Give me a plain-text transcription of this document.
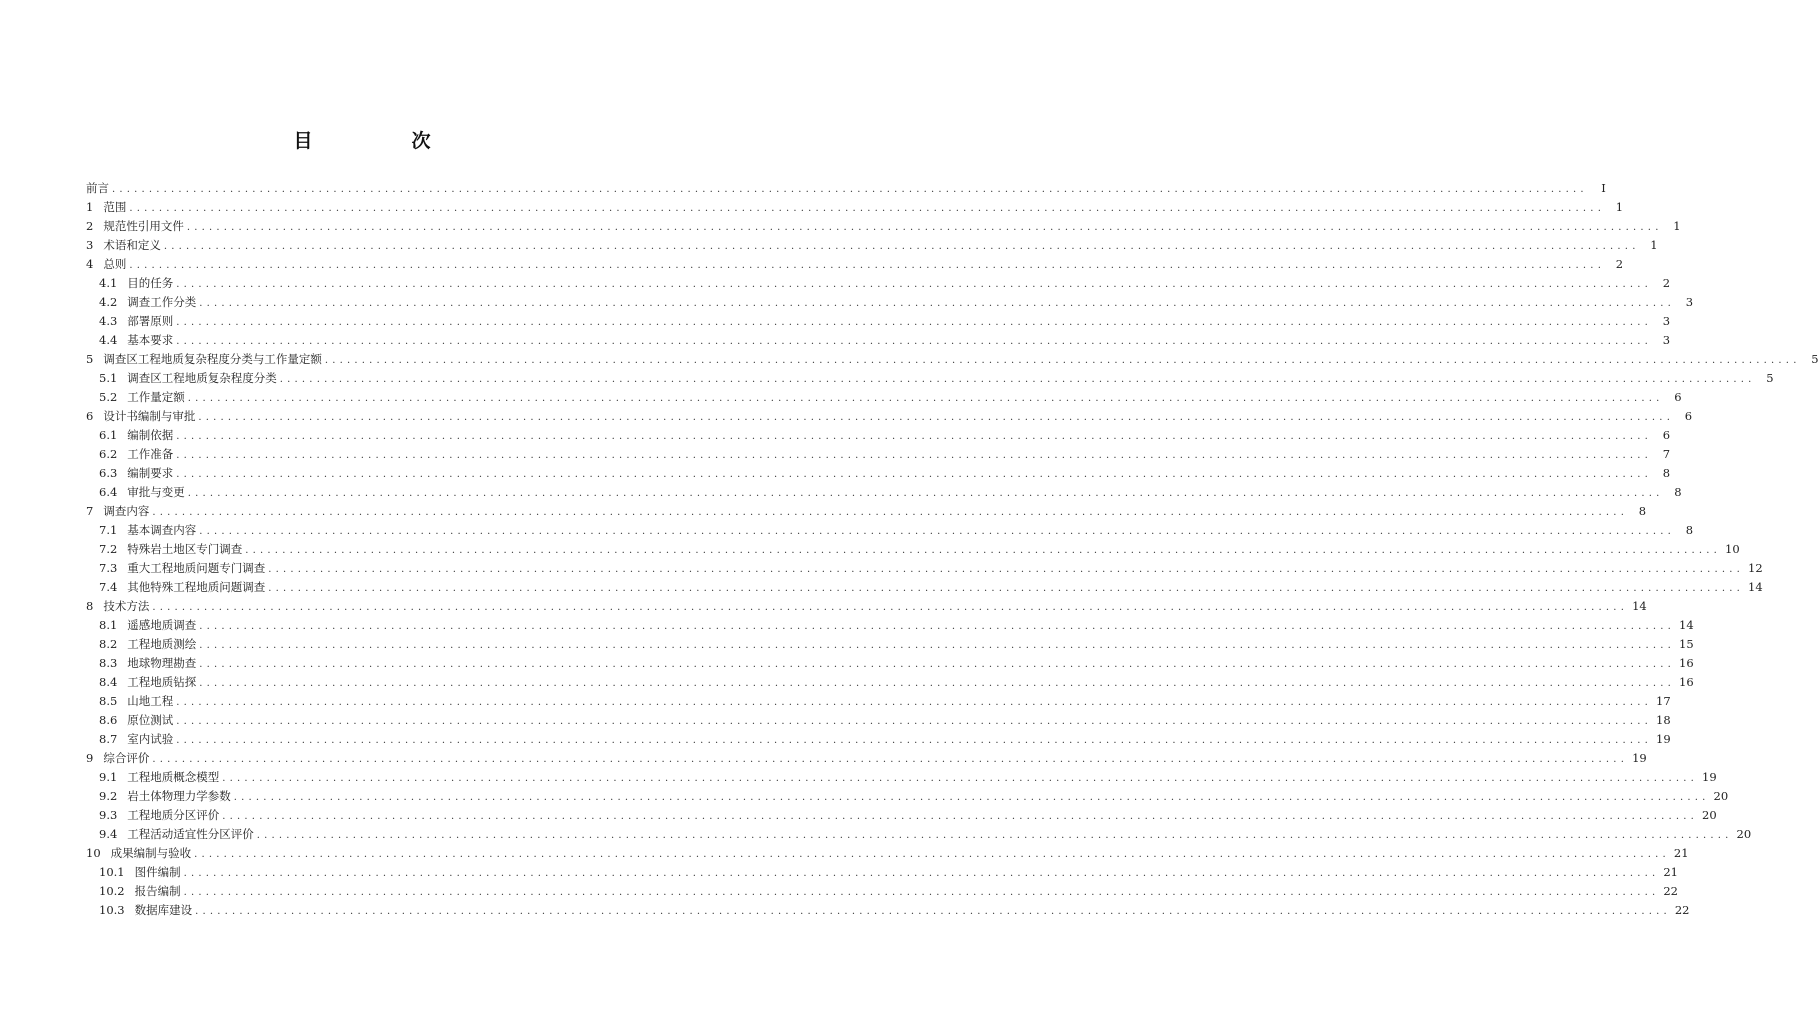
目　次
前言 ........................................................................................................................................................................................................	Ⅰ
1 范围 ........................................................................................................................................................................................................ 1
2 规范性引用文件 ........................................................................................................................................................................................................ 1
3 术语和定义 ........................................................................................................................................................................................................ 1
4 总则 ........................................................................................................................................................................................................ 2
4.1 目的任务 ........................................................................................................................................................................................................ 2
4.2 调查工作分类 ........................................................................................................................................................................................................ 3
4.3 部署原则 ........................................................................................................................................................................................................ 3
4.4 基本要求 ........................................................................................................................................................................................................ 3
5 调查区工程地质复杂程度分类与工作量定额 ........................................................................................................................................................................................................ 5
5.1 调查区工程地质复杂程度分类 ........................................................................................................................................................................................................ 5
5.2 工作量定额 ........................................................................................................................................................................................................ 6
6 设计书编制与审批 ........................................................................................................................................................................................................ 6
6.1 编制依据 ........................................................................................................................................................................................................ 6
6.2 工作准备 ........................................................................................................................................................................................................ 7
6.3 编制要求 ........................................................................................................................................................................................................ 8
6.4 审批与变更 ........................................................................................................................................................................................................ 8
7 调查内容 ........................................................................................................................................................................................................ 8
7.1 基本调查内容 ........................................................................................................................................................................................................ 8
7.2 特殊岩土地区专门调查 ........................................................................................................................................................................................................ 10
7.3 重大工程地质问题专门调查 ........................................................................................................................................................................................................ 12
7.4 其他特殊工程地质问题调查 ........................................................................................................................................................................................................ 14
8 技术方法 ........................................................................................................................................................................................................ 14
8.1 遥感地质调查 ........................................................................................................................................................................................................ 14
8.2 工程地质测绘 ........................................................................................................................................................................................................ 15
8.3 地球物理勘查 ........................................................................................................................................................................................................ 16
8.4 工程地质钻探 ........................................................................................................................................................................................................ 16
8.5 山地工程 ........................................................................................................................................................................................................ 17
8.6 原位测试 ........................................................................................................................................................................................................ 18
8.7 室内试验 ........................................................................................................................................................................................................ 19
9 综合评价 ........................................................................................................................................................................................................ 19
9.1 工程地质概念模型 ........................................................................................................................................................................................................ 19
9.2 岩土体物理力学参数 ........................................................................................................................................................................................................ 20
9.3 工程地质分区评价 ........................................................................................................................................................................................................ 20
9.4 工程活动适宜性分区评价 ........................................................................................................................................................................................................ 20
10 成果编制与验收 ........................................................................................................................................................................................................ 21
10.1 图件编制 ........................................................................................................................................................................................................ 21
10.2 报告编制 ........................................................................................................................................................................................................ 22
10.3 数据库建设 ........................................................................................................................................................................................................ 22
